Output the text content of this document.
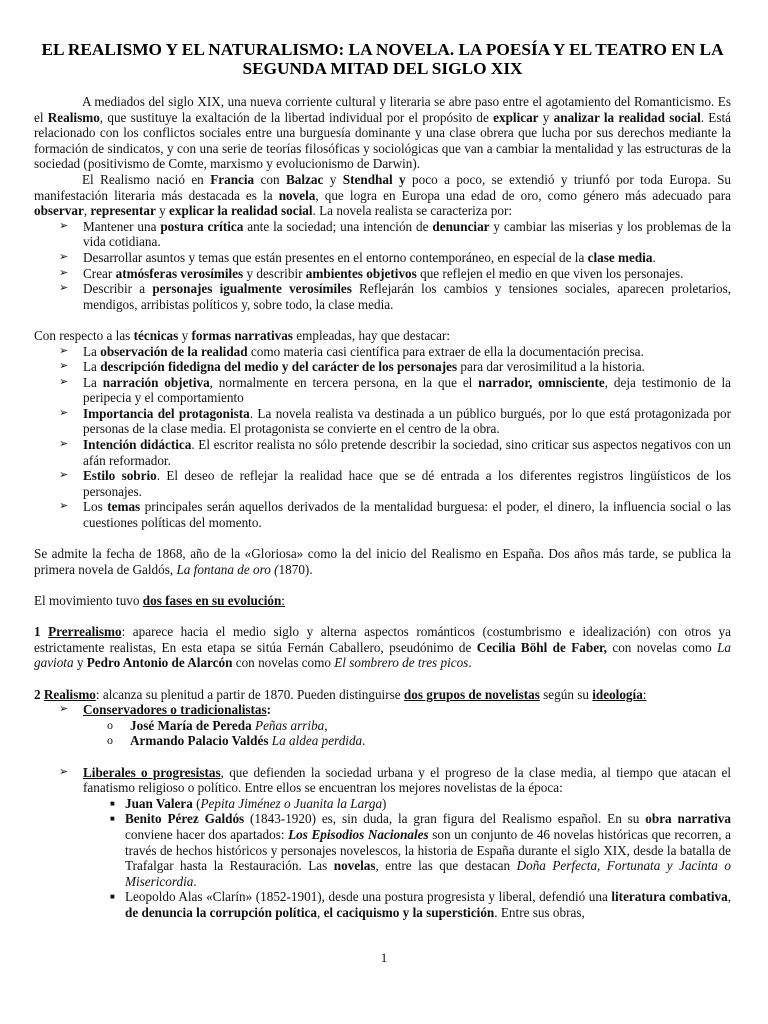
EL REALISMO Y EL NATURALISMO: LA NOVELA. LA POESÍA Y EL TEATRO EN LA SEGUNDA MITAD DEL SIGLO XIX

A mediados del siglo XIX, una nueva corriente cultural y literaria se abre paso entre el agotamiento del Romanticismo. Es el Realismo, que sustituye la exaltación de la libertad individual por el propósito de explicar y analizar la realidad social. Está relacionado con los conflictos sociales entre una burguesía dominante y una clase obrera que lucha por sus derechos mediante la formación de sindicatos, y con una serie de teorías filosóficas y sociológicas que van a cambiar la mentalidad y las estructuras de la sociedad (positivismo de Comte, marxismo y evolucionismo de Darwin).

El Realismo nació en Francia con Balzac y Stendhal y poco a poco, se extendió y triunfó por toda Europa. Su manifestación literaria más destacada es la novela, que logra en Europa una edad de oro, como género más adecuado para observar, representar y explicar la realidad social. La novela realista se caracteriza por:

➢ Mantener una postura crítica ante la sociedad; una intención de denunciar y cambiar las miserias y los problemas de la vida cotidiana.
➢ Desarrollar asuntos y temas que están presentes en el entorno contemporáneo, en especial de la clase media.
➢ Crear atmósferas verosímiles y describir ambientes objetivos que reflejen el medio en que viven los personajes.
➢ Describir a personajes igualmente verosímiles Reflejarán los cambios y tensiones sociales, aparecen proletarios, mendigos, arribistas políticos y, sobre todo, la clase media.

Con respecto a las técnicas y formas narrativas empleadas, hay que destacar:

➢ La observación de la realidad como materia casi científica para extraer de ella la documentación precisa.
➢ La descripción fidedigna del medio y del carácter de los personajes para dar verosimilitud a la historia.
➢ La narración objetiva, normalmente en tercera persona, en la que el narrador, omnisciente, deja testimonio de la peripecia y el comportamiento
➢ Importancia del protagonista. La novela realista va destinada a un público burgués, por lo que está protagonizada por personas de la clase media. El protagonista se convierte en el centro de la obra.
➢ Intención didáctica. El escritor realista no sólo pretende describir la sociedad, sino criticar sus aspectos negativos con un afán reformador.
➢ Estilo sobrio. El deseo de reflejar la realidad hace que se dé entrada a los diferentes registros lingüísticos de los personajes.
➢ Los temas principales serán aquellos derivados de la mentalidad burguesa: el poder, el dinero, la influencia social o las cuestiones políticas del momento.

Se admite la fecha de 1868, año de la «Gloriosa» como la del inicio del Realismo en España. Dos años más tarde, se publica la primera novela de Galdós, La fontana de oro (1870).

El movimiento tuvo dos fases en su evolución:

1 Prerrealismo: aparece hacia el medio siglo y alterna aspectos románticos (costumbrismo e idealización) con otros ya estrictamente realistas, En esta etapa se sitúa Fernán Caballero, pseudónimo de Cecilia Böhl de Faber, con novelas como La gaviota y Pedro Antonio de Alarcón con novelas como El sombrero de tres picos.

2 Realismo: alcanza su plenitud a partir de 1870. Pueden distinguirse dos grupos de novelistas según su ideología:

➢ Conservadores o tradicionalistas:
o José María de Pereda Peñas arriba,
o Armando Palacio Valdés La aldea perdida.
➢ Liberales o progresistas, que defienden la sociedad urbana y el progreso de la clase media, al tiempo que atacan el fanatismo religioso o político. Entre ellos se encuentran los mejores novelistas de la época:
■ Juan Valera (Pepita Jiménez o Juanita la Larga)
■ Benito Pérez Galdós (1843-1920) es, sin duda, la gran figura del Realismo español. En su obra narrativa conviene hacer dos apartados: Los Episodios Nacionales son un conjunto de 46 novelas históricas que recorren, a través de hechos históricos y personajes novelescos, la historia de España durante el siglo XIX, desde la batalla de Trafalgar hasta la Restauración. Las novelas, entre las que destacan Doña Perfecta, Fortunata y Jacinta o Misericordia.
■ Leopoldo Alas «Clarín» (1852-1901), desde una postura progresista y liberal, defendió una literatura combativa, de denuncia la corrupción política, el caciquismo y la superstición. Entre sus obras,
1
